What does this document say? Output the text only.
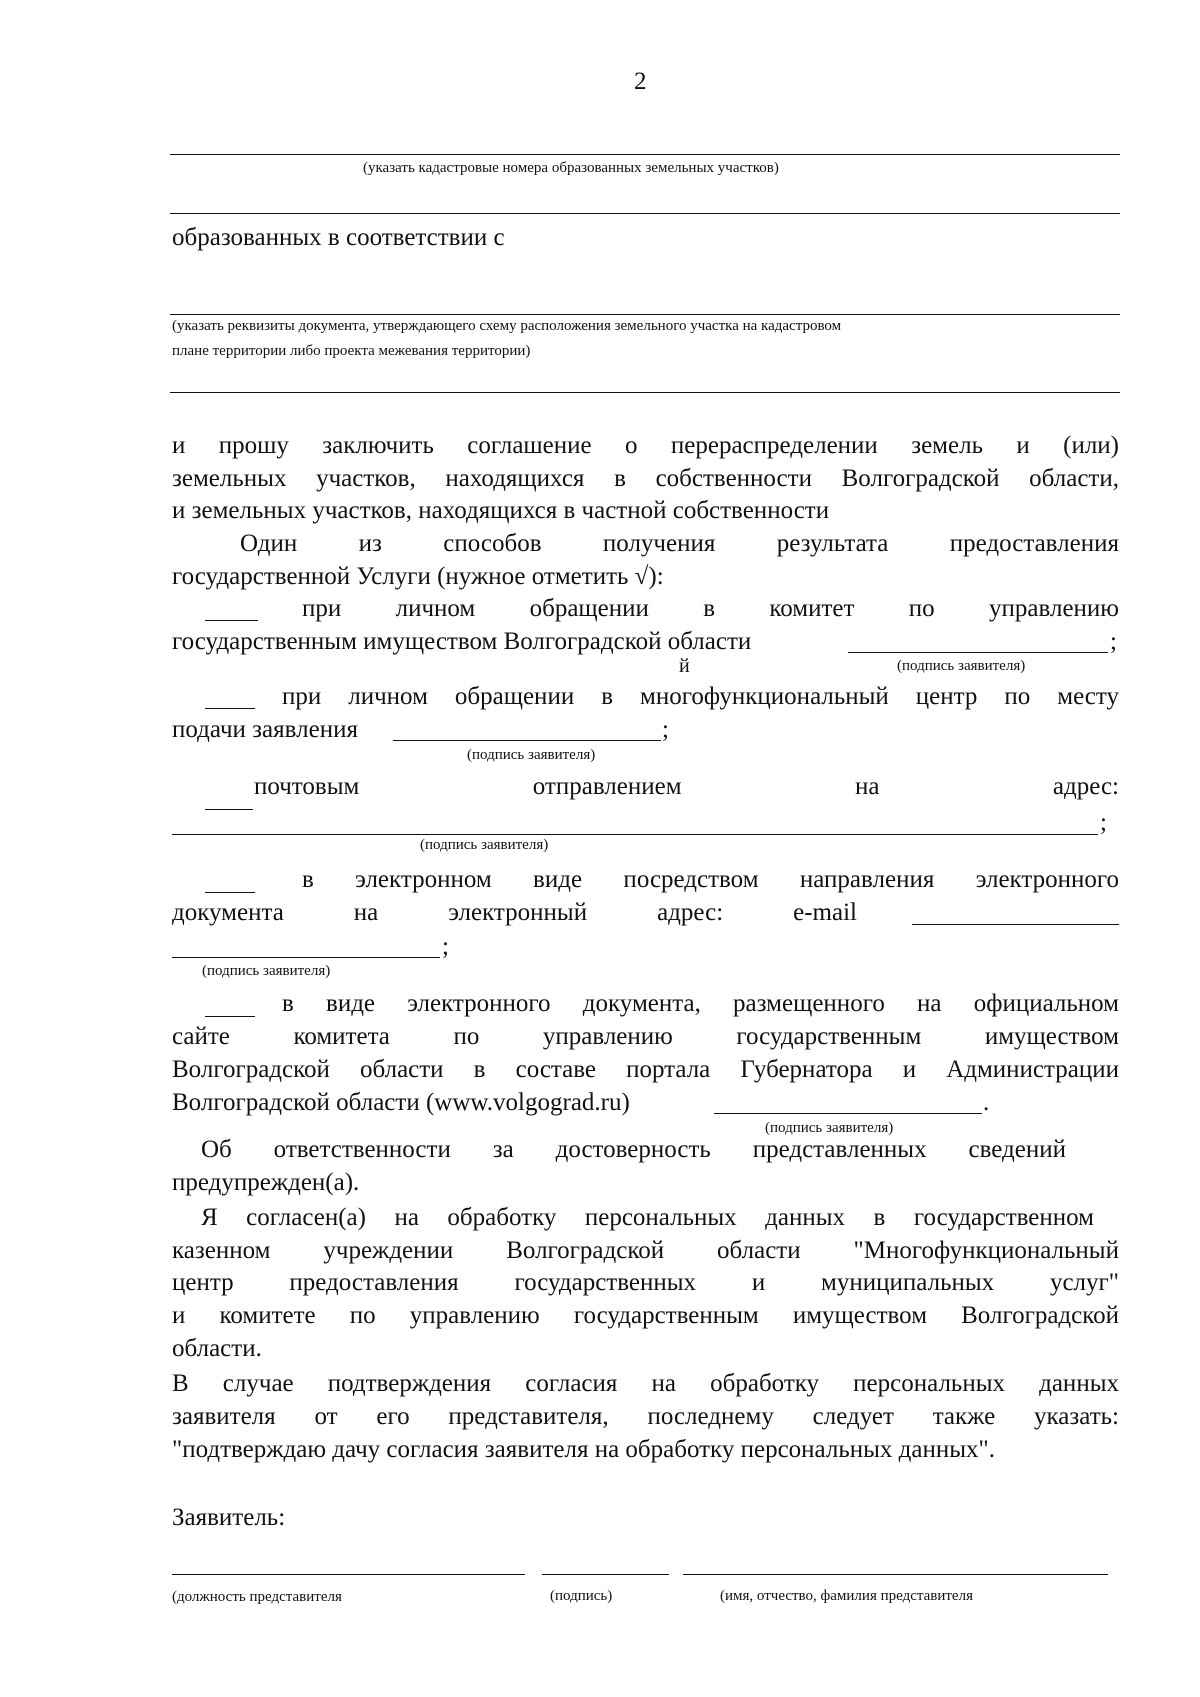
2
(указать кадастровые номера образованных земельных участков)
образованных в соответствии с
(указать реквизиты документа, утверждающего схему расположения земельного участка на кадастровом
плане территории либо проекта межевания территории)
и прошу заключить соглашение о перераспределении земель и (или)
земельных участков, находящихся в собственности Волгоградской области,
и земельных участков, находящихся в частной собственности
Один из способов получения результата предоставления
государственной Услуги (нужное отметить √):
при личном обращении в комитет по управлению
государственным имуществом Волгоградской области	;
й	(подпись заявителя)
при личном обращении в многофункциональный центр по месту
подачи заявления	;
(подпись заявителя)
почтовым отправлением на адрес:
;
(подпись заявителя)
в электронном виде посредством направления электронного
документа на электронный адрес: e-mail
;
(подпись заявителя)
в виде электронного документа, размещенного на официальном
сайте комитета по управлению государственным имуществом
Волгоградской области в составе портала Губернатора и Администрации
Волгоградской области (www.volgograd.ru)	.
(подпись заявителя)
Об ответственности за достоверность представленных сведений
предупрежден(а).
Я согласен(а) на обработку персональных данных в государственном
казенном учреждении Волгоградской области "Многофункциональный
центр предоставления государственных и муниципальных услуг"
и комитете по управлению государственным имуществом Волгоградской
области.
В случае подтверждения согласия на обработку персональных данных
заявителя от его представителя, последнему следует также указать:
"подтверждаю дачу согласия заявителя на обработку персональных данных".
Заявитель:
(должность представителя	(подпись)	(имя, отчество, фамилия представителя
